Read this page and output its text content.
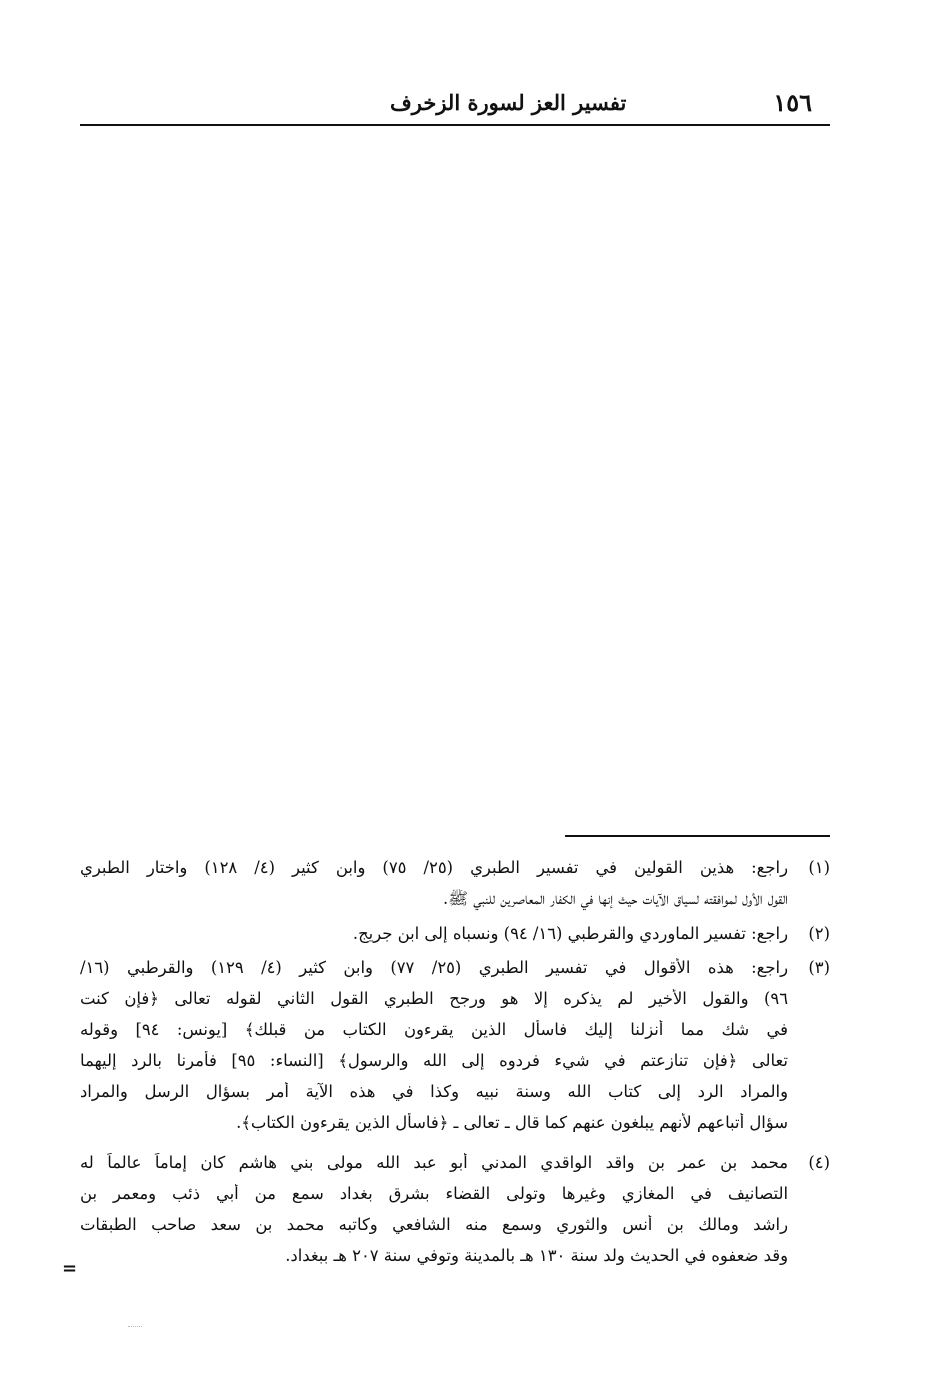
تفسير العز لسورة الزخرف	١٥٦
(١)
راجع: هذين القولين في تفسير الطبري (٢٥/ ٧٥) وابن كثير (٤/ ١٢٨) واختار الطبري
القول الأول لموافقته لسياق الآيات حيث إنها في الكفار المعاصرين للنبي ﷺ.
(٢)
راجع: تفسير الماوردي والقرطبي (١٦/ ٩٤) ونسباه إلى ابن جريج.
(٣)
راجع: هذه الأقوال في تفسير الطبري (٢٥/ ٧٧) وابن كثير (٤/ ١٢٩) والقرطبي (١٦/
٩٦) والقول الأخير لم يذكره إلا هو ورجح الطبري القول الثاني لقوله تعالى ﴿فإن كنت
في شك مما أنزلنا إليك فاسأل الذين يقرءون الكتاب من قبلك﴾ [يونس: ٩٤] وقوله
تعالى ﴿فإن تنازعتم في شيء فردوه إلى الله والرسول﴾ [النساء: ٩٥] فأمرنا بالرد إليهما
والمراد الرد إلى كتاب الله وسنة نبيه وكذا في هذه الآية أمر بسؤال الرسل والمراد
سؤال أتباعهم لأنهم يبلغون عنهم كما قال ـ تعالى ـ ﴿فاسأل الذين يقرءون الكتاب﴾.
(٤)
محمد بن عمر بن واقد الواقدي المدني أبو عبد الله مولى بني هاشم كان إماماً عالماً له
التصانيف في المغازي وغيرها وتولى القضاء بشرق بغداد سمع من أبي ذئب ومعمر بن
راشد ومالك بن أنس والثوري وسمع منه الشافعي وكاتبه محمد بن سعد صاحب الطبقات
وقد ضعفوه في الحديث ولد سنة ١٣٠ هـ بالمدينة وتوفي سنة ٢٠٧ هـ ببغداد.
=
